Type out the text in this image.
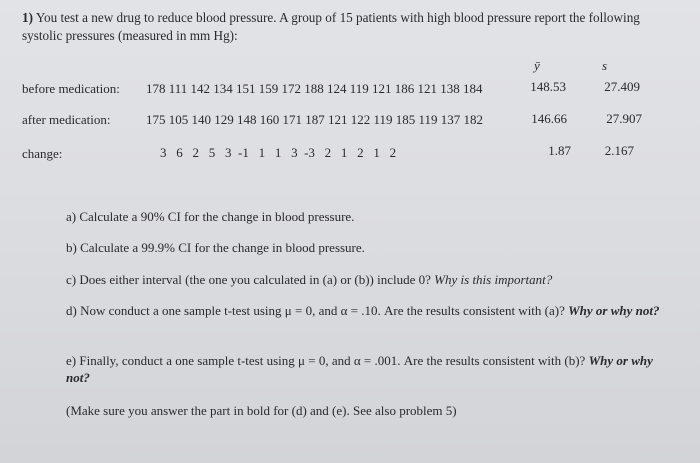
1) You test a new drug to reduce blood pressure. A group of 15 patients with high blood pressure report the following systolic pressures (measured in mm Hg):
ȳ	s
before medication: 178 111 142 134 151 159 172 188 124 119 121 186 121 138 184	148.53	27.409
after medication:	175 105 140 129 148 160 171 187 121 122 119 185 119 137 182	146.66	27.907
change:	3   6   2   5   3  -1   1   1   3  -3   2   1   2   1   2	1.87	2.167
a) Calculate a 90% CI for the change in blood pressure.
b) Calculate a 99.9% CI for the change in blood pressure.
c) Does either interval (the one you calculated in (a) or (b)) include 0? Why is this important?
d) Now conduct a one sample t-test using μ = 0, and α = .10. Are the results consistent with (a)? Why or why not?
e) Finally, conduct a one sample t-test using μ = 0, and α = .001. Are the results consistent with (b)? Why or why not?
(Make sure you answer the part in bold for (d) and (e). See also problem 5)
